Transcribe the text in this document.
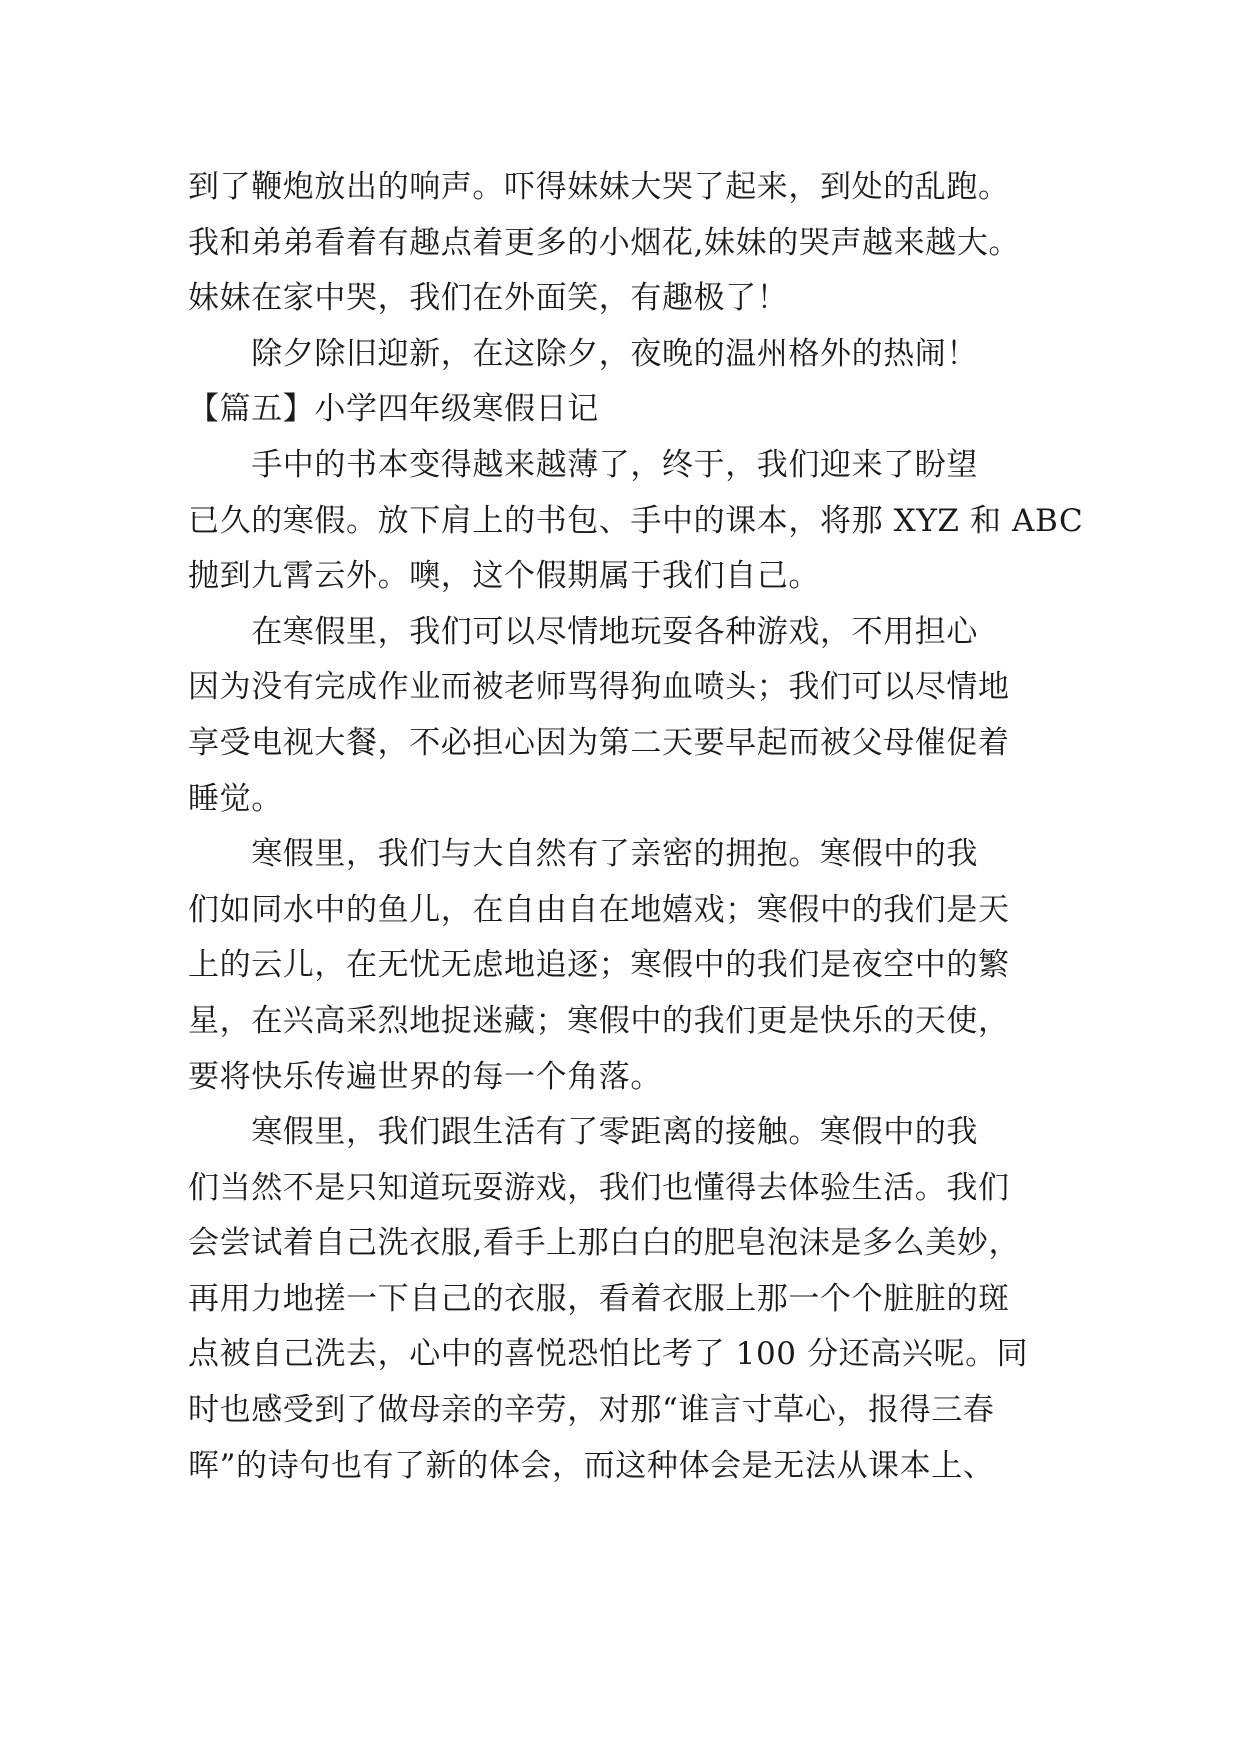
到了鞭炮放出的响声。吓得妹妹大哭了起来，到处的乱跑。
我和弟弟看着有趣点着更多的小烟花,妹妹的哭声越来越大。
妹妹在家中哭，我们在外面笑，有趣极了！
　　除夕除旧迎新，在这除夕，夜晚的温州格外的热闹！
【篇五】小学四年级寒假日记
　　手中的书本变得越来越薄了，终于，我们迎来了盼望
已久的寒假。放下肩上的书包、手中的课本，将那 XYZ 和 ABC
抛到九霄云外。噢，这个假期属于我们自己。
　　在寒假里，我们可以尽情地玩耍各种游戏，不用担心
因为没有完成作业而被老师骂得狗血喷头；我们可以尽情地
享受电视大餐，不必担心因为第二天要早起而被父母催促着
睡觉。
　　寒假里，我们与大自然有了亲密的拥抱。寒假中的我
们如同水中的鱼儿，在自由自在地嬉戏；寒假中的我们是天
上的云儿，在无忧无虑地追逐；寒假中的我们是夜空中的繁
星，在兴高采烈地捉迷藏；寒假中的我们更是快乐的天使，
要将快乐传遍世界的每一个角落。
　　寒假里，我们跟生活有了零距离的接触。寒假中的我
们当然不是只知道玩耍游戏，我们也懂得去体验生活。我们
会尝试着自己洗衣服,看手上那白白的肥皂泡沫是多么美妙，
再用力地搓一下自己的衣服，看着衣服上那一个个脏脏的斑
点被自己洗去，心中的喜悦恐怕比考了 100 分还高兴呢。同
时也感受到了做母亲的辛劳，对那“谁言寸草心，报得三春
晖”的诗句也有了新的体会，而这种体会是无法从课本上、
